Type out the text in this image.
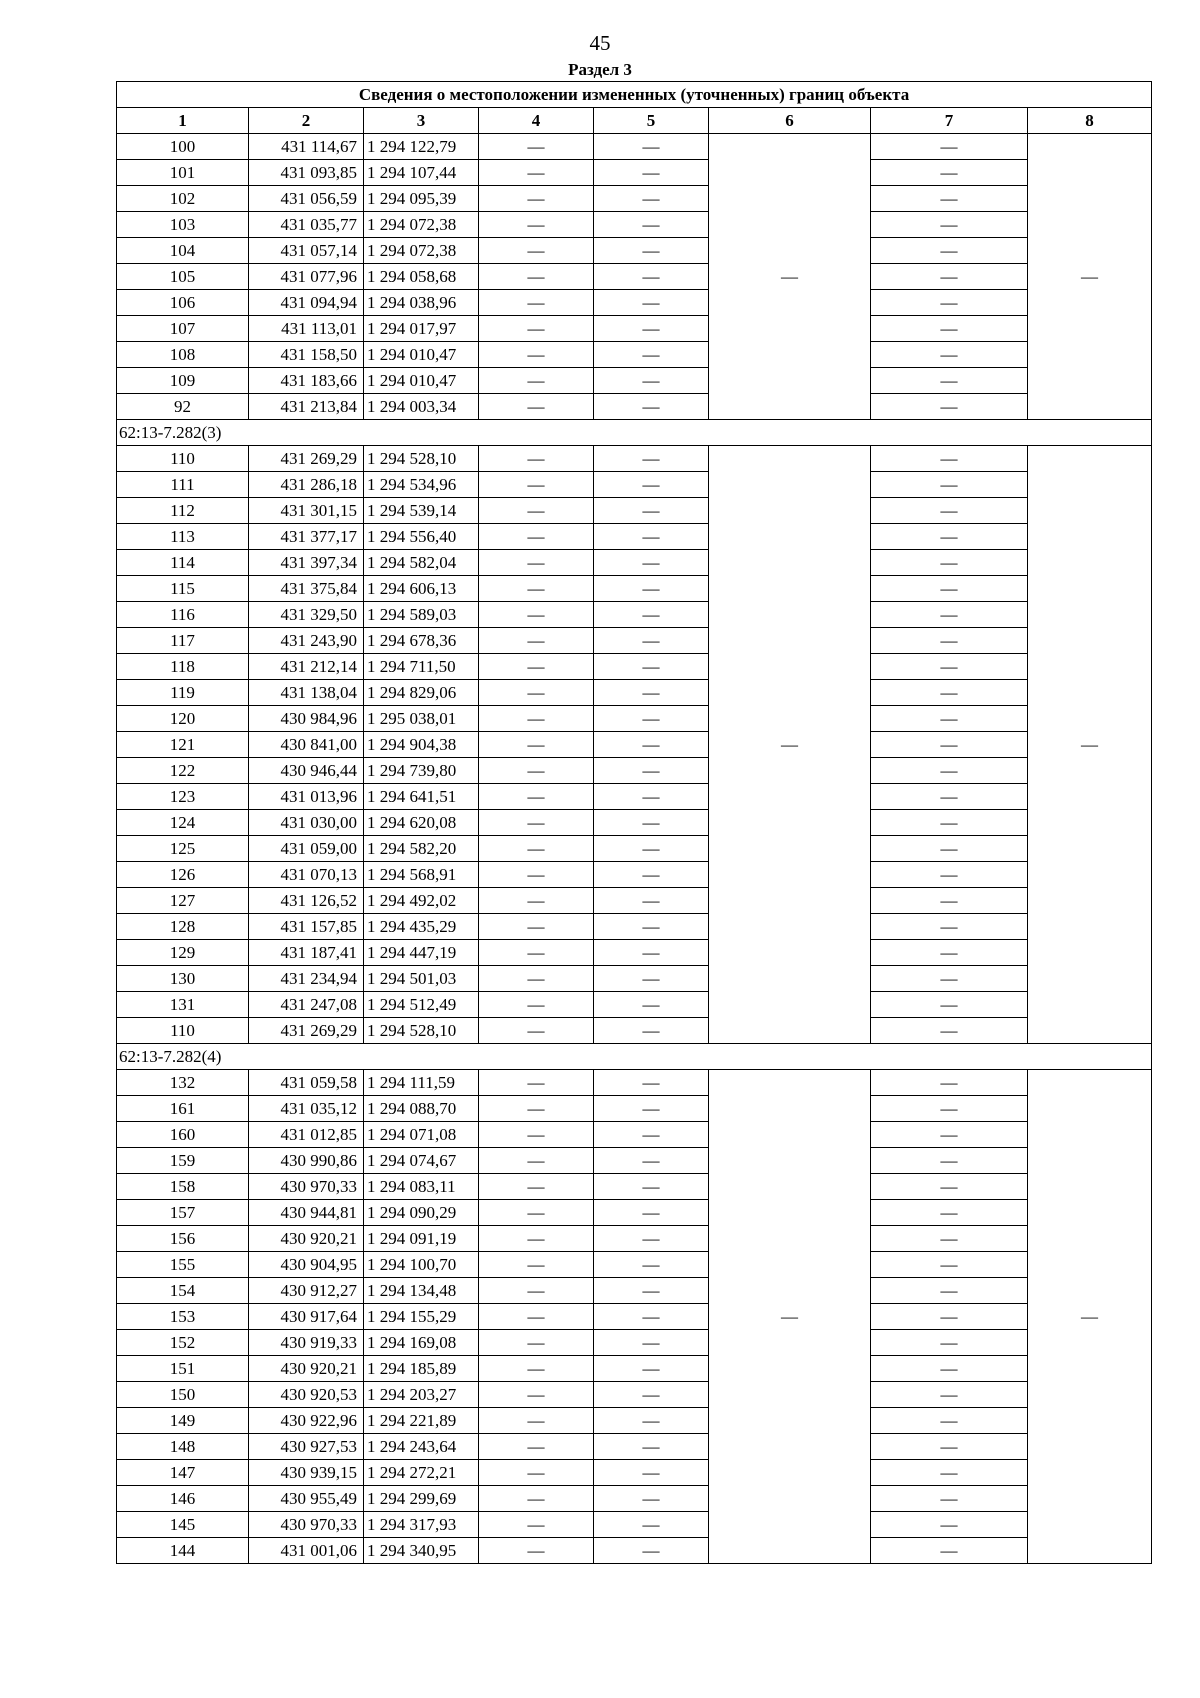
45
Раздел 3
Сведения о местоположении измененных (уточненных) границ объекта							
1	2	3	4	5	6	7	8
100	431 114,67	1 294 122,79	—	—	—	—	—
101	431 093,85	1 294 107,44	—	—		—	
102	431 056,59	1 294 095,39	—	—		—	
103	431 035,77	1 294 072,38	—	—		—	
104	431 057,14	1 294 072,38	—	—		—	
105	431 077,96	1 294 058,68	—	—		—	
106	431 094,94	1 294 038,96	—	—		—	
107	431 113,01	1 294 017,97	—	—		—	
108	431 158,50	1 294 010,47	—	—		—	
109	431 183,66	1 294 010,47	—	—		—	
92	431 213,84	1 294 003,34	—	—		—	
62:13-7.282(3)							
110	431 269,29	1 294 528,10	—	—	—	—	—
111	431 286,18	1 294 534,96	—	—		—	
112	431 301,15	1 294 539,14	—	—		—	
113	431 377,17	1 294 556,40	—	—		—	
114	431 397,34	1 294 582,04	—	—		—	
115	431 375,84	1 294 606,13	—	—		—	
116	431 329,50	1 294 589,03	—	—		—	
117	431 243,90	1 294 678,36	—	—		—	
118	431 212,14	1 294 711,50	—	—		—	
119	431 138,04	1 294 829,06	—	—		—	
120	430 984,96	1 295 038,01	—	—		—	
121	430 841,00	1 294 904,38	—	—		—	
122	430 946,44	1 294 739,80	—	—		—	
123	431 013,96	1 294 641,51	—	—		—	
124	431 030,00	1 294 620,08	—	—		—	
125	431 059,00	1 294 582,20	—	—		—	
126	431 070,13	1 294 568,91	—	—		—	
127	431 126,52	1 294 492,02	—	—		—	
128	431 157,85	1 294 435,29	—	—		—	
129	431 187,41	1 294 447,19	—	—		—	
130	431 234,94	1 294 501,03	—	—		—	
131	431 247,08	1 294 512,49	—	—		—	
110	431 269,29	1 294 528,10	—	—		—	
62:13-7.282(4)							
132	431 059,58	1 294 111,59	—	—	—	—	—
161	431 035,12	1 294 088,70	—	—		—	
160	431 012,85	1 294 071,08	—	—		—	
159	430 990,86	1 294 074,67	—	—		—	
158	430 970,33	1 294 083,11	—	—		—	
157	430 944,81	1 294 090,29	—	—		—	
156	430 920,21	1 294 091,19	—	—		—	
155	430 904,95	1 294 100,70	—	—		—	
154	430 912,27	1 294 134,48	—	—		—	
153	430 917,64	1 294 155,29	—	—		—	
152	430 919,33	1 294 169,08	—	—		—	
151	430 920,21	1 294 185,89	—	—		—	
150	430 920,53	1 294 203,27	—	—		—	
149	430 922,96	1 294 221,89	—	—		—	
148	430 927,53	1 294 243,64	—	—		—	
147	430 939,15	1 294 272,21	—	—		—	
146	430 955,49	1 294 299,69	—	—		—	
145	430 970,33	1 294 317,93	—	—		—	
144	431 001,06	1 294 340,95	—	—		—	
